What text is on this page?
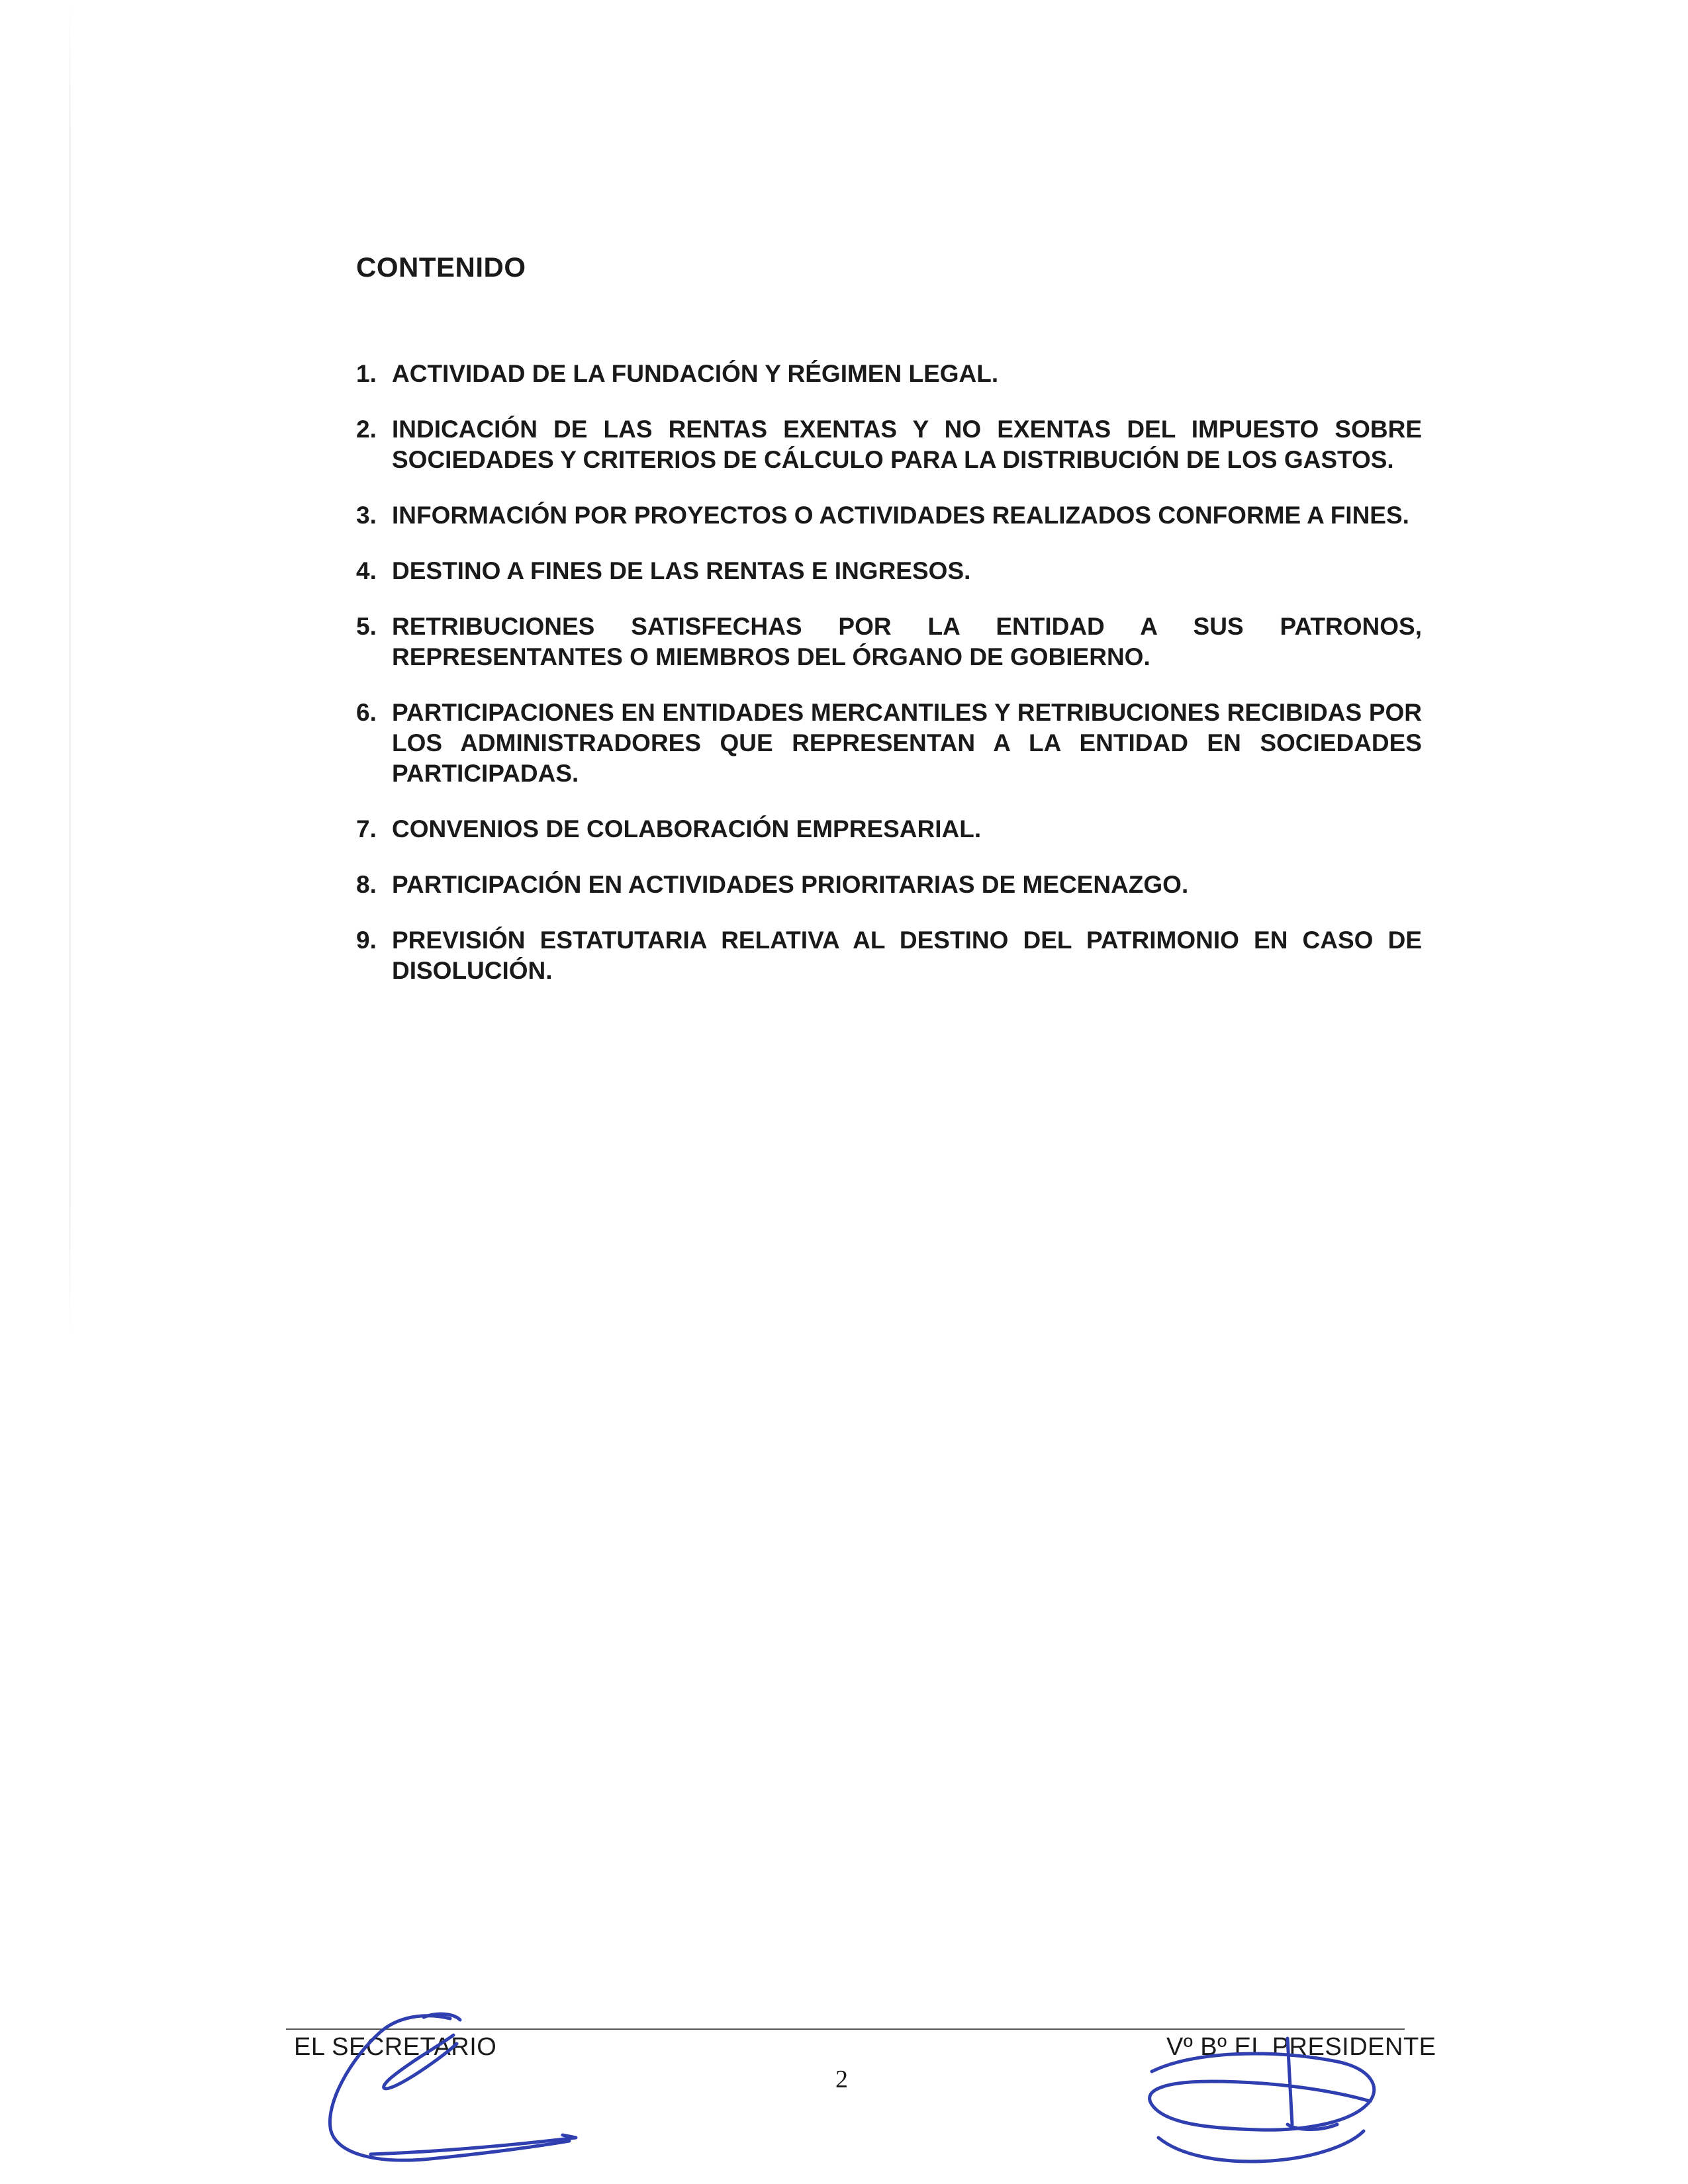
CONTENIDO
1. ACTIVIDAD DE LA FUNDACIÓN Y RÉGIMEN LEGAL.
2. INDICACIÓN DE LAS RENTAS EXENTAS Y NO EXENTAS DEL IMPUESTO SOBRE SOCIEDADES Y CRITERIOS DE CÁLCULO PARA LA DISTRIBUCIÓN DE LOS GASTOS.
3. INFORMACIÓN POR PROYECTOS O ACTIVIDADES REALIZADOS CONFORME A FINES.
4. DESTINO A FINES DE LAS RENTAS E INGRESOS.
5. RETRIBUCIONES SATISFECHAS POR LA ENTIDAD A SUS PATRONOS, REPRESENTANTES O MIEMBROS DEL ÓRGANO DE GOBIERNO.
6. PARTICIPACIONES EN ENTIDADES MERCANTILES Y RETRIBUCIONES RECIBIDAS POR LOS ADMINISTRADORES QUE REPRESENTAN A LA ENTIDAD EN SOCIEDADES PARTICIPADAS.
7. CONVENIOS DE COLABORACIÓN EMPRESARIAL.
8. PARTICIPACIÓN EN ACTIVIDADES PRIORITARIAS DE MECENAZGO.
9. PREVISIÓN ESTATUTARIA RELATIVA AL DESTINO DEL PATRIMONIO EN CASO DE DISOLUCIÓN.
EL SECRETARIO	Vº Bº EL PRESIDENTE
2
